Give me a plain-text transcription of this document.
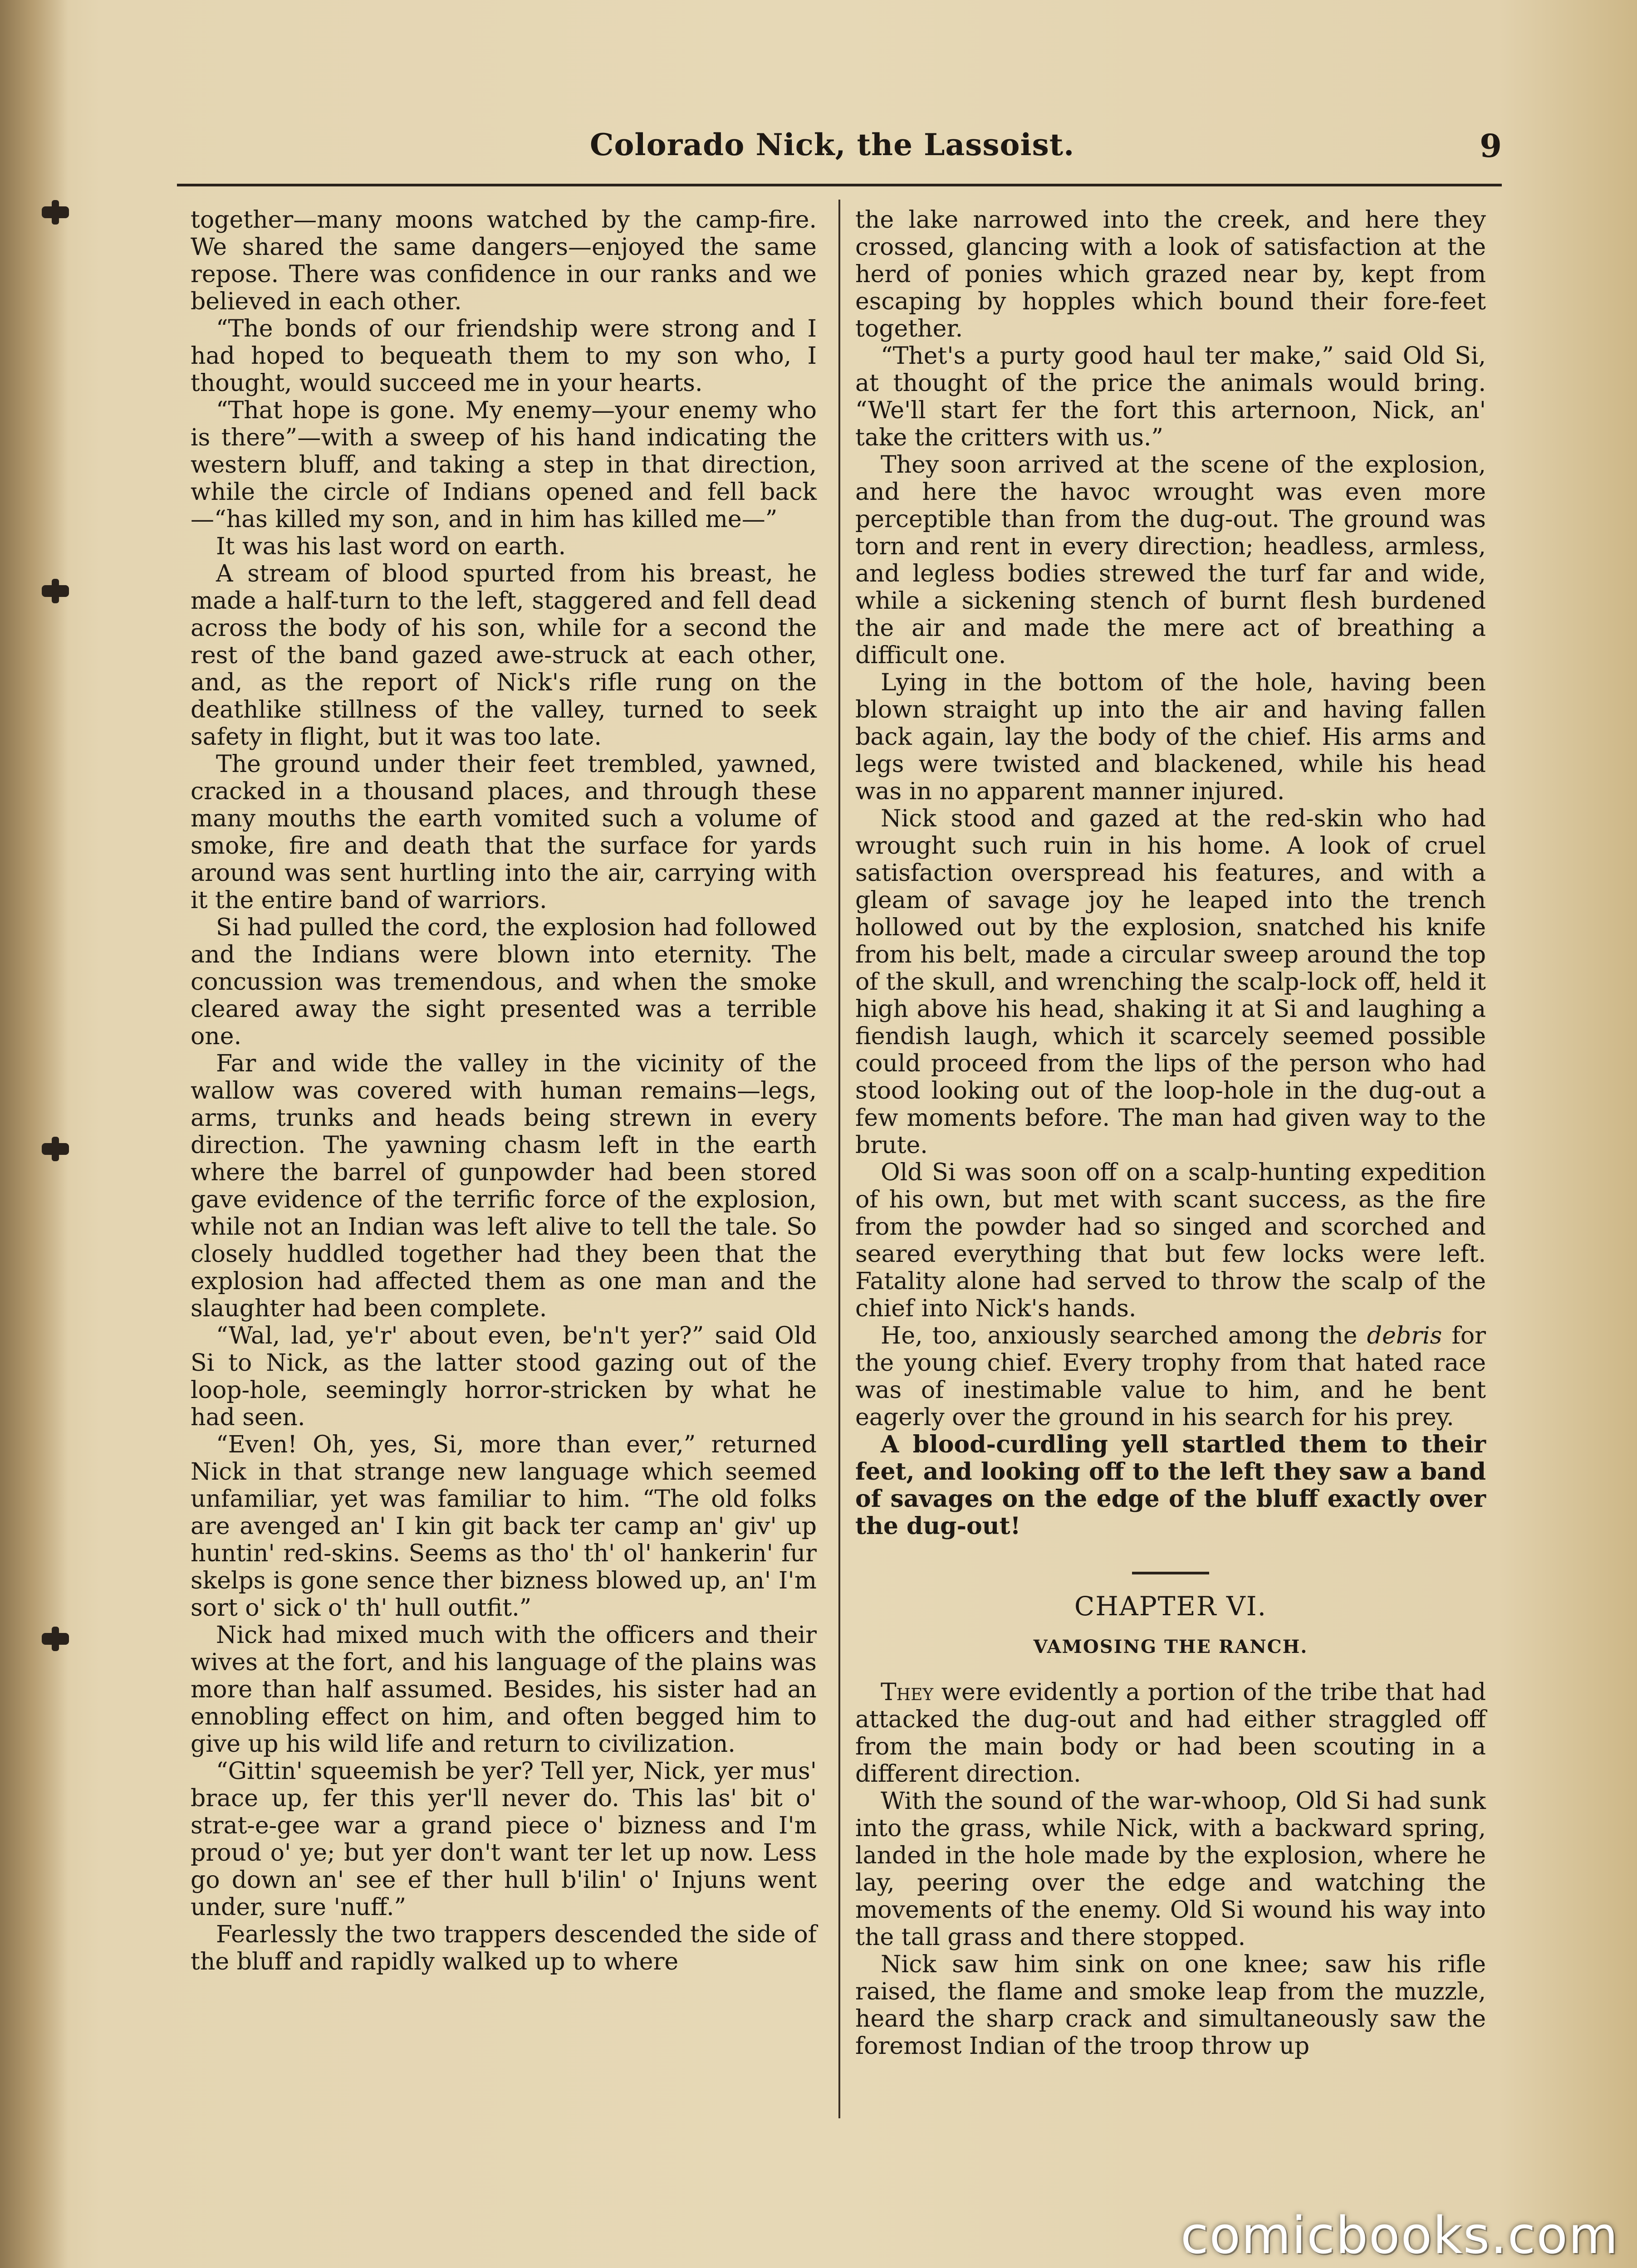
Colorado Nick, the Lassoist.	9

together—many moons watched by the camp-fire. We shared the same dangers—enjoyed the same repose. There was confidence in our ranks and we believed in each other.

“The bonds of our friendship were strong and I had hoped to bequeath them to my son who, I thought, would succeed me in your hearts.

“That hope is gone. My enemy—your enemy who is there”—with a sweep of his hand indicating the western bluff, and taking a step in that direction, while the circle of Indians opened and fell back—“has killed my son, and in him has killed me—”

It was his last word on earth.

A stream of blood spurted from his breast, he made a half-turn to the left, staggered and fell dead across the body of his son, while for a second the rest of the band gazed awe-struck at each other, and, as the report of Nick's rifle rung on the deathlike stillness of the valley, turned to seek safety in flight, but it was too late.

The ground under their feet trembled, yawned, cracked in a thousand places, and through these many mouths the earth vomited such a volume of smoke, fire and death that the surface for yards around was sent hurtling into the air, carrying with it the entire band of warriors.

Si had pulled the cord, the explosion had followed and the Indians were blown into eternity. The concussion was tremendous, and when the smoke cleared away the sight presented was a terrible one.

Far and wide the valley in the vicinity of the wallow was covered with human remains—legs, arms, trunks and heads being strewn in every direction. The yawning chasm left in the earth where the barrel of gunpowder had been stored gave evidence of the terrific force of the explosion, while not an Indian was left alive to tell the tale. So closely huddled together had they been that the explosion had affected them as one man and the slaughter had been complete.

“Wal, lad, ye'r' about even, be'n't yer?” said Old Si to Nick, as the latter stood gazing out of the loop-hole, seemingly horror-stricken by what he had seen.

“Even! Oh, yes, Si, more than ever,” returned Nick in that strange new language which seemed unfamiliar, yet was familiar to him. “The old folks are avenged an' I kin git back ter camp an' giv' up huntin' red-skins. Seems as tho' th' ol' hankerin' fur skelps is gone sence ther bizness blowed up, an' I'm sort o' sick o' th' hull outfit.”

Nick had mixed much with the officers and their wives at the fort, and his language of the plains was more than half assumed. Besides, his sister had an ennobling effect on him, and often begged him to give up his wild life and return to civilization.

“Gittin' squeemish be yer? Tell yer, Nick, yer mus' brace up, fer this yer'll never do. This las' bit o' strat-e-gee war a grand piece o' bizness and I'm proud o' ye; but yer don't want ter let up now. Less go down an' see ef ther hull b'ilin' o' Injuns went under, sure 'nuff.”

Fearlessly the two trappers descended the side of the bluff and rapidly walked up to where

the lake narrowed into the creek, and here they crossed, glancing with a look of satisfaction at the herd of ponies which grazed near by, kept from escaping by hopples which bound their fore-feet together.

“Thet's a purty good haul ter make,” said Old Si, at thought of the price the animals would bring. “We'll start fer the fort this arternoon, Nick, an' take the critters with us.”

They soon arrived at the scene of the explosion, and here the havoc wrought was even more perceptible than from the dug-out. The ground was torn and rent in every direction; headless, armless, and legless bodies strewed the turf far and wide, while a sickening stench of burnt flesh burdened the air and made the mere act of breathing a difficult one.

Lying in the bottom of the hole, having been blown straight up into the air and having fallen back again, lay the body of the chief. His arms and legs were twisted and blackened, while his head was in no apparent manner injured.

Nick stood and gazed at the red-skin who had wrought such ruin in his home. A look of cruel satisfaction overspread his features, and with a gleam of savage joy he leaped into the trench hollowed out by the explosion, snatched his knife from his belt, made a circular sweep around the top of the skull, and wrenching the scalp-lock off, held it high above his head, shaking it at Si and laughing a fiendish laugh, which it scarcely seemed possible could proceed from the lips of the person who had stood looking out of the loop-hole in the dug-out a few moments before. The man had given way to the brute.

Old Si was soon off on a scalp-hunting expedition of his own, but met with scant success, as the fire from the powder had so singed and scorched and seared everything that but few locks were left. Fatality alone had served to throw the scalp of the chief into Nick's hands.

He, too, anxiously searched among the debris for the young chief. Every trophy from that hated race was of inestimable value to him, and he bent eagerly over the ground in his search for his prey.

A blood-curdling yell startled them to their feet, and looking off to the left they saw a band of savages on the edge of the bluff exactly over the dug-out!

CHAPTER VI.
VAMOSING THE RANCH.

They were evidently a portion of the tribe that had attacked the dug-out and had either straggled off from the main body or had been scouting in a different direction.

With the sound of the war-whoop, Old Si had sunk into the grass, while Nick, with a backward spring, landed in the hole made by the explosion, where he lay, peering over the edge and watching the movements of the enemy. Old Si wound his way into the tall grass and there stopped.

Nick saw him sink on one knee; saw his rifle raised, the flame and smoke leap from the muzzle, heard the sharp crack and simultaneously saw the foremost Indian of the troop throw up

comicbooks.com
